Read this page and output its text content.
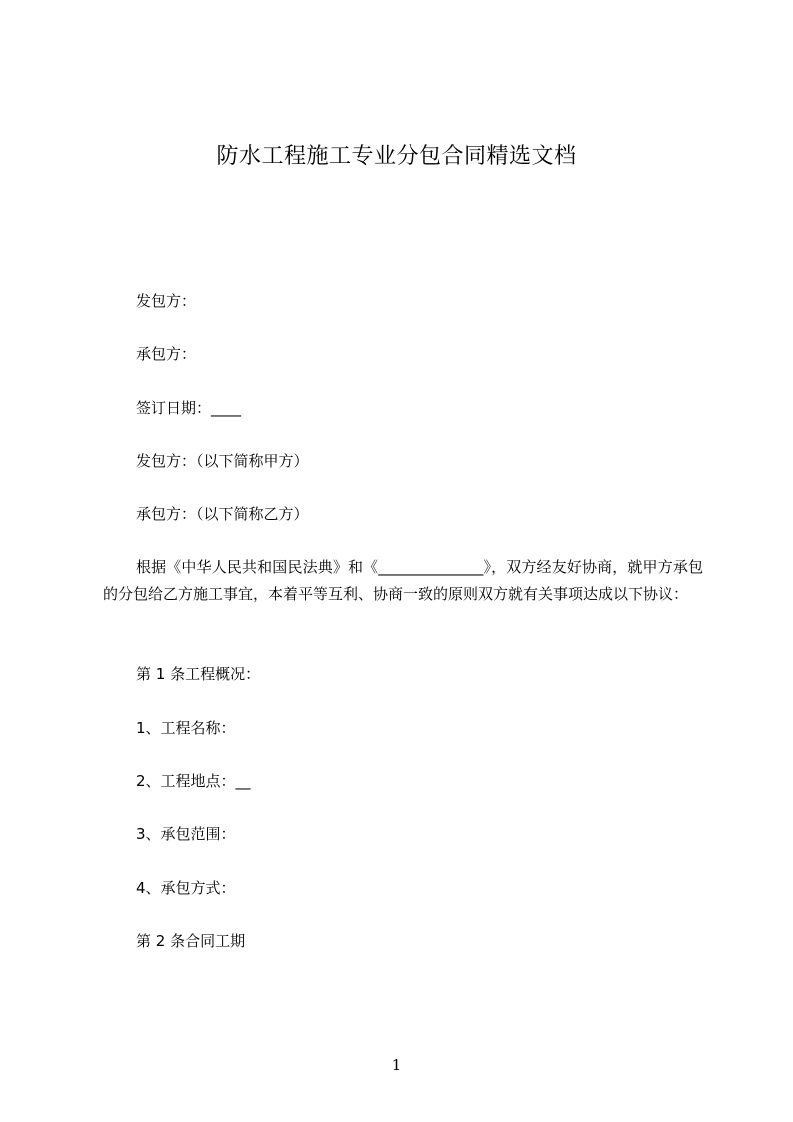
防水工程施工专业分包合同精选文档
发包方：
承包方：
签订日期：____
发包方：（以下简称甲方）
承包方：（以下简称乙方）
根据《中华人民共和国民法典》和《______________》，双方经友好协商，就甲方承包的分包给乙方施工事宜，本着平等互利、协商一致的原则双方就有关事项达成以下协议：
第 1 条工程概况：
1、工程名称：
2、工程地点：__
3、承包范围：
4、承包方式：
第 2 条合同工期
1
